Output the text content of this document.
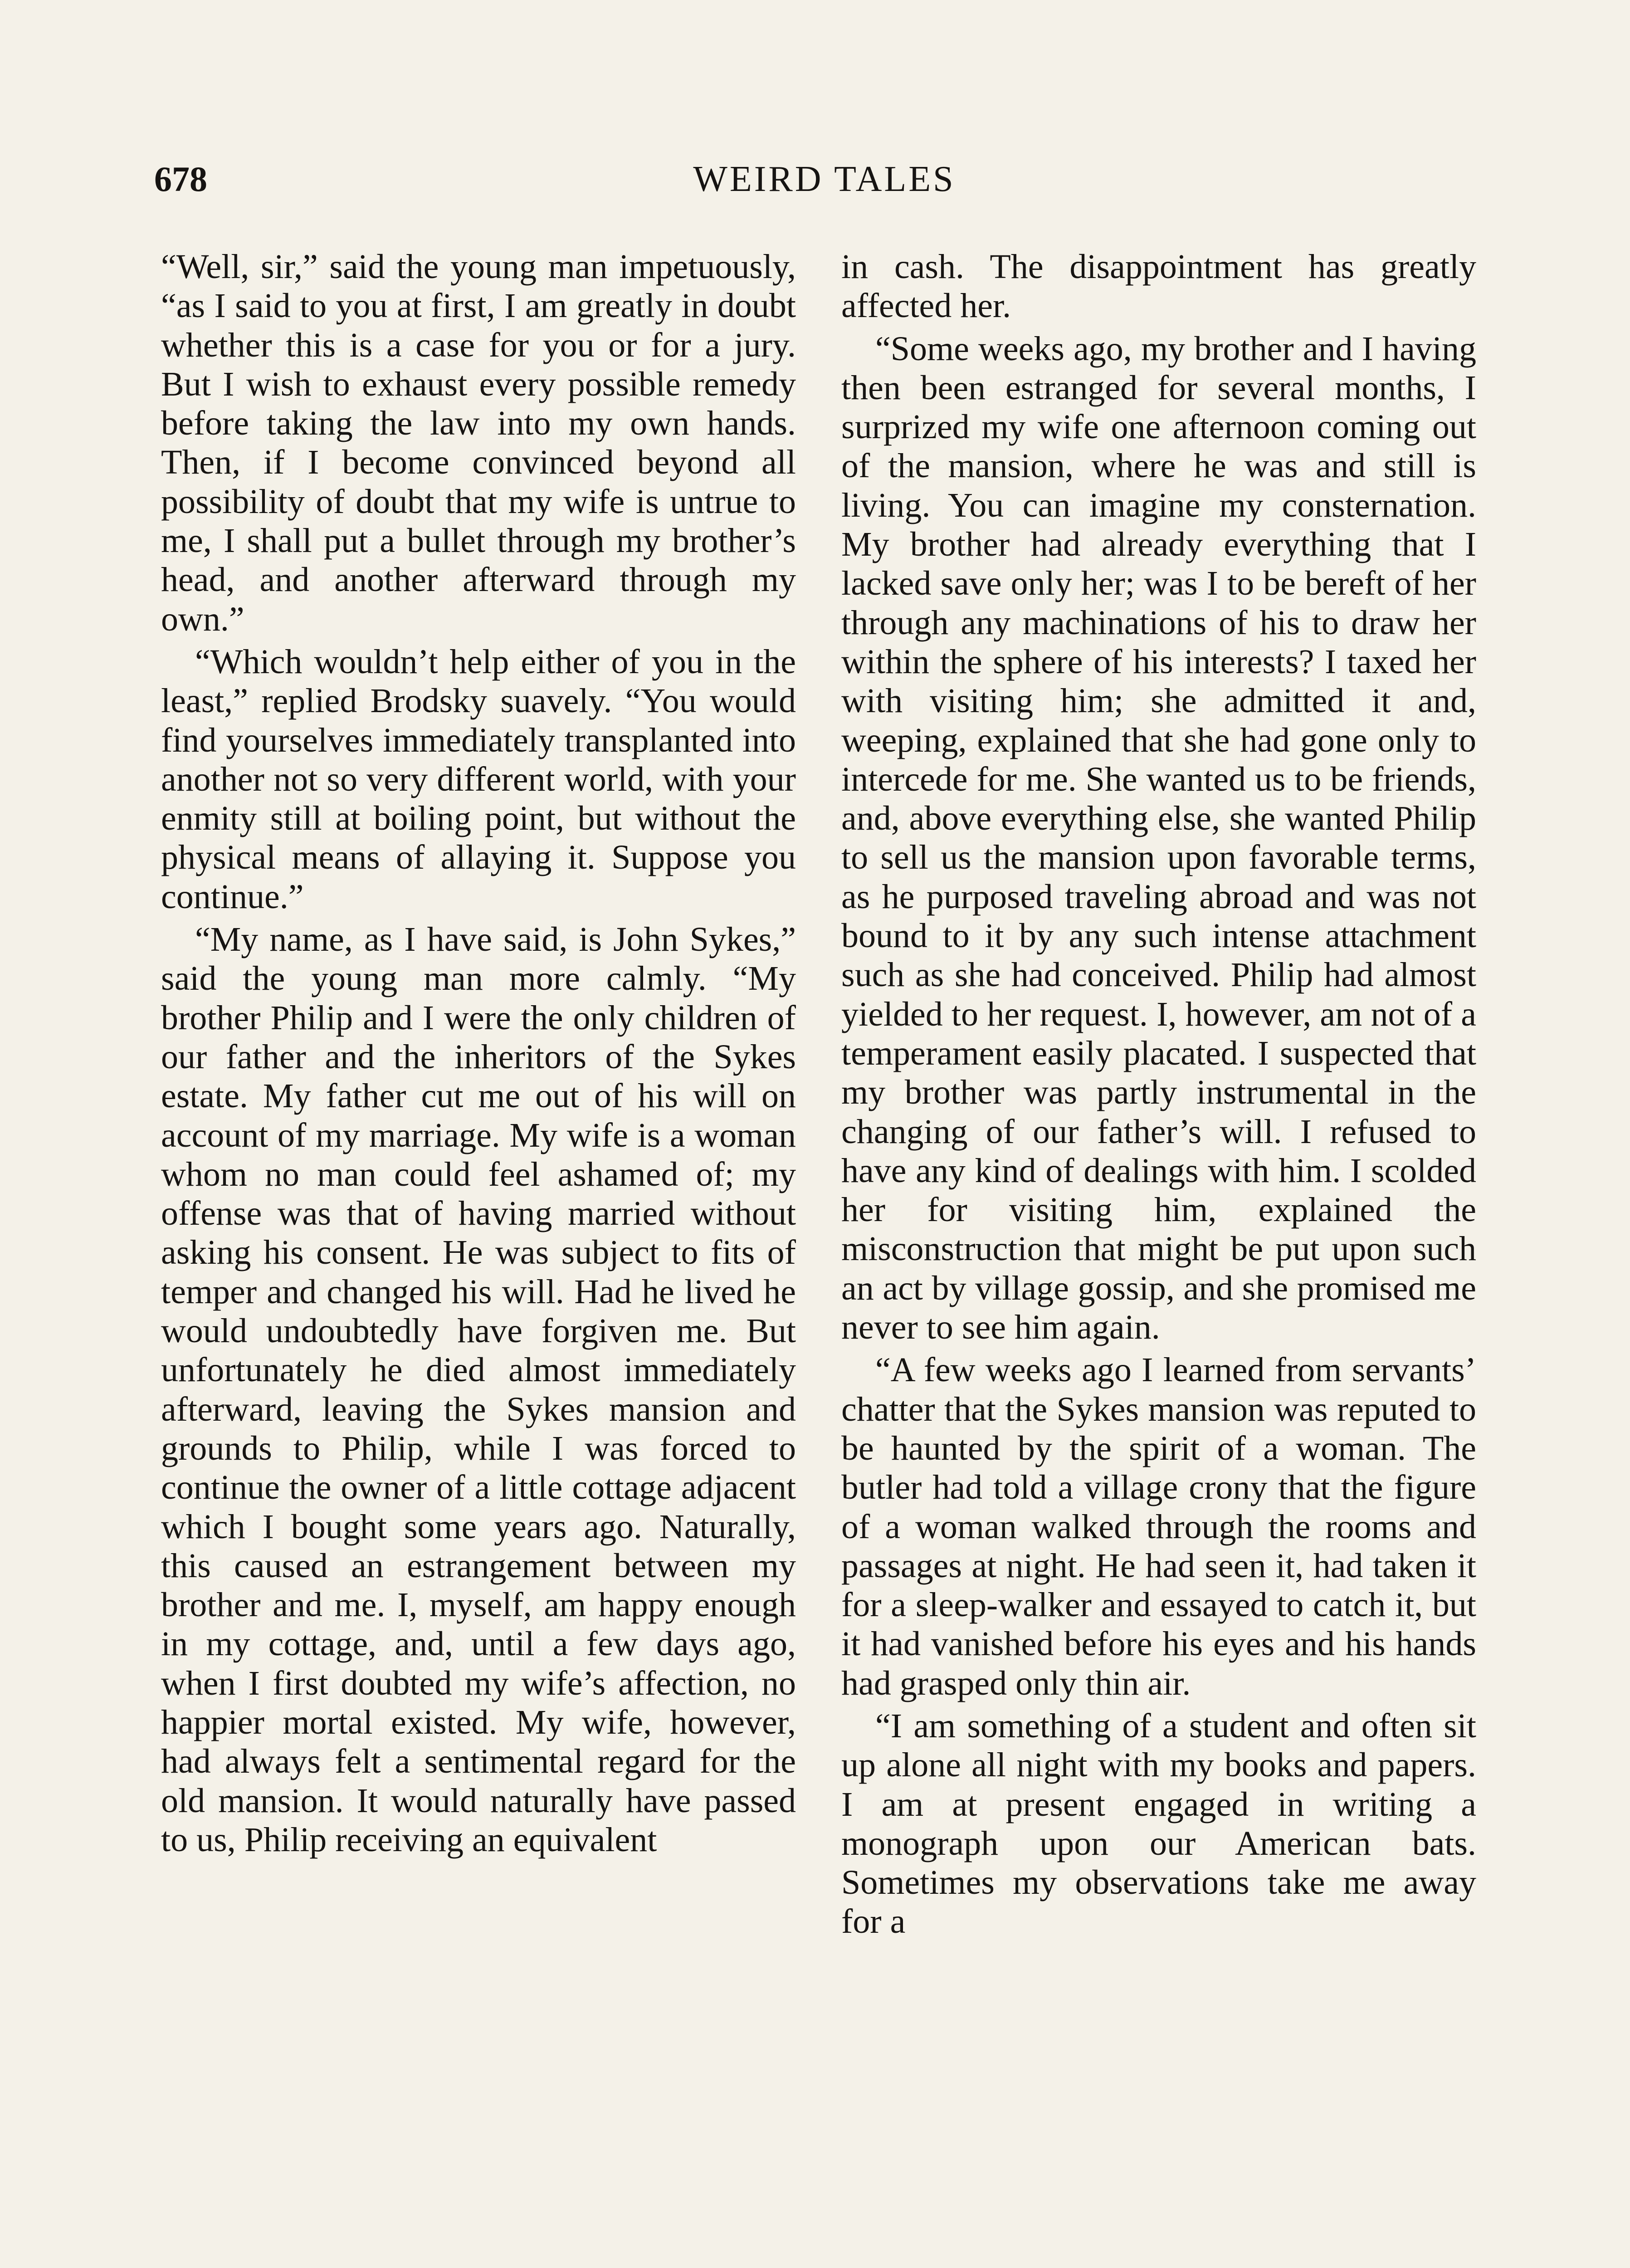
678	WEIRD TALES

“Well, sir,” said the young man impetuously, “as I said to you at first, I am greatly in doubt whether this is a case for you or for a jury. But I wish to exhaust every possible remedy before taking the law into my own hands. Then, if I become convinced beyond all possibility of doubt that my wife is untrue to me, I shall put a bullet through my brother’s head, and another afterward through my own.”

“Which wouldn’t help either of you in the least,” replied Brodsky suavely. “You would find yourselves immediately transplanted into another not so very different world, with your enmity still at boiling point, but without the physical means of allaying it. Suppose you continue.”

“My name, as I have said, is John Sykes,” said the young man more calmly. “My brother Philip and I were the only children of our father and the inheritors of the Sykes estate. My father cut me out of his will on account of my marriage. My wife is a woman whom no man could feel ashamed of; my offense was that of having married without asking his consent. He was subject to fits of temper and changed his will. Had he lived he would undoubtedly have forgiven me. But unfortunately he died almost immediately afterward, leaving the Sykes mansion and grounds to Philip, while I was forced to continue the owner of a little cottage adjacent which I bought some years ago. Naturally, this caused an estrangement between my brother and me. I, myself, am happy enough in my cottage, and, until a few days ago, when I first doubted my wife’s affection, no happier mortal existed. My wife, however, had always felt a sentimental regard for the old mansion. It would naturally have passed to us, Philip receiving an equivalent

in cash. The disappointment has greatly affected her.

“Some weeks ago, my brother and I having then been estranged for several months, I surprized my wife one afternoon coming out of the mansion, where he was and still is living. You can imagine my consternation. My brother had already everything that I lacked save only her; was I to be bereft of her through any machinations of his to draw her within the sphere of his interests? I taxed her with visiting him; she admitted it and, weeping, explained that she had gone only to intercede for me. She wanted us to be friends, and, above everything else, she wanted Philip to sell us the mansion upon favorable terms, as he purposed traveling abroad and was not bound to it by any such intense attachment such as she had conceived. Philip had almost yielded to her request. I, however, am not of a temperament easily placated. I suspected that my brother was partly instrumental in the changing of our father’s will. I refused to have any kind of dealings with him. I scolded her for visiting him, explained the misconstruction that might be put upon such an act by village gossip, and she promised me never to see him again.

“A few weeks ago I learned from servants’ chatter that the Sykes mansion was reputed to be haunted by the spirit of a woman. The butler had told a village crony that the figure of a woman walked through the rooms and passages at night. He had seen it, had taken it for a sleep-walker and essayed to catch it, but it had vanished before his eyes and his hands had grasped only thin air.

“I am something of a student and often sit up alone all night with my books and papers. I am at present engaged in writing a monograph upon our American bats. Sometimes my observations take me away for a
